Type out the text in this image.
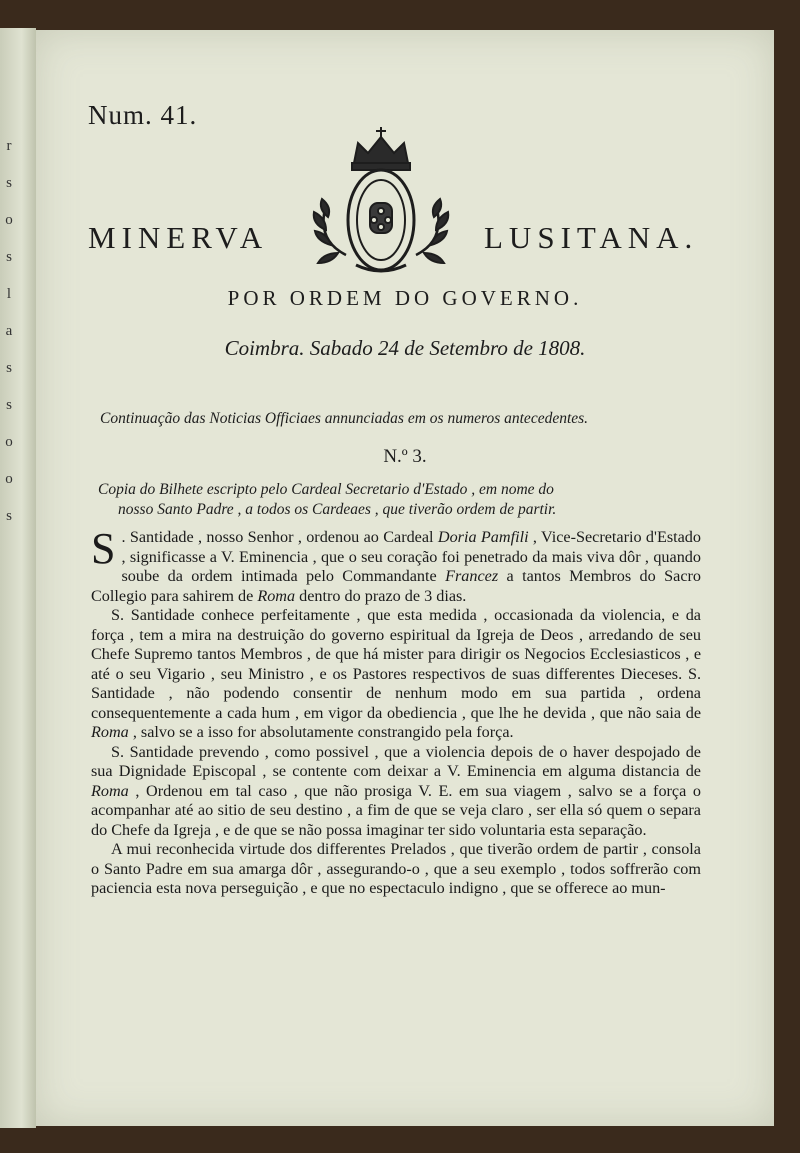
r
s
o
s
l
a
s
s
o
o
s
Num. 41.
MINERVA	LUSITANA.
POR ORDEM DO GOVERNO.
Coimbra. Sabado 24 de Setembro de 1808.
Continuação das Noticias Officiaes annunciadas em os numeros antecedentes.
N.º 3.
Copia do Bilhete escripto pelo Cardeal Secretario d'Estado , em nome do
nosso Santo Padre , a todos os Cardeaes , que tiverão ordem de partir.

S . Santidade , nosso Senhor , ordenou ao Cardeal Doria Pamfili , Vice-Secretario d'Estado , significasse a V. Eminencia , que o seu coração foi penetrado da mais viva dôr , quando soube da ordem intimada pelo Commandante Francez a tantos Membros do Sacro Collegio para sahirem de Roma dentro do prazo de 3 dias.

S. Santidade conhece perfeitamente , que esta medida , occasionada da violencia, e da força , tem a mira na destruição do governo espiritual da Igreja de Deos , arredando de seu Chefe Supremo tantos Membros , de que há mister para dirigir os Negocios Ecclesiasticos , e até o seu Vigario , seu Ministro , e os Pastores respectivos de suas differentes Dieceses. S. Santidade , não podendo consentir de nenhum modo em sua partida , ordena consequentemente a cada hum , em vigor da obediencia , que lhe he devida , que não saia de Roma , salvo se a isso for absolutamente constrangido pela força.

S. Santidade prevendo , como possivel , que a violencia depois de o haver despojado de sua Dignidade Episcopal , se contente com deixar a V. Eminencia em alguma distancia de Roma , Ordenou em tal caso , que não prosiga V. E. em sua viagem , salvo se a força o acompanhar até ao sitio de seu destino , a fim de que se veja claro , ser ella só quem o separa do Chefe da Igreja , e de que se não possa imaginar ter sido voluntaria esta separação.

A mui reconhecida virtude dos differentes Prelados , que tiverão ordem de partir , consola o Santo Padre em sua amarga dôr , assegurando-o , que a seu exemplo , todos soffrerão com paciencia esta nova perseguição , e que no espectaculo indigno , que se offerece ao mun-
